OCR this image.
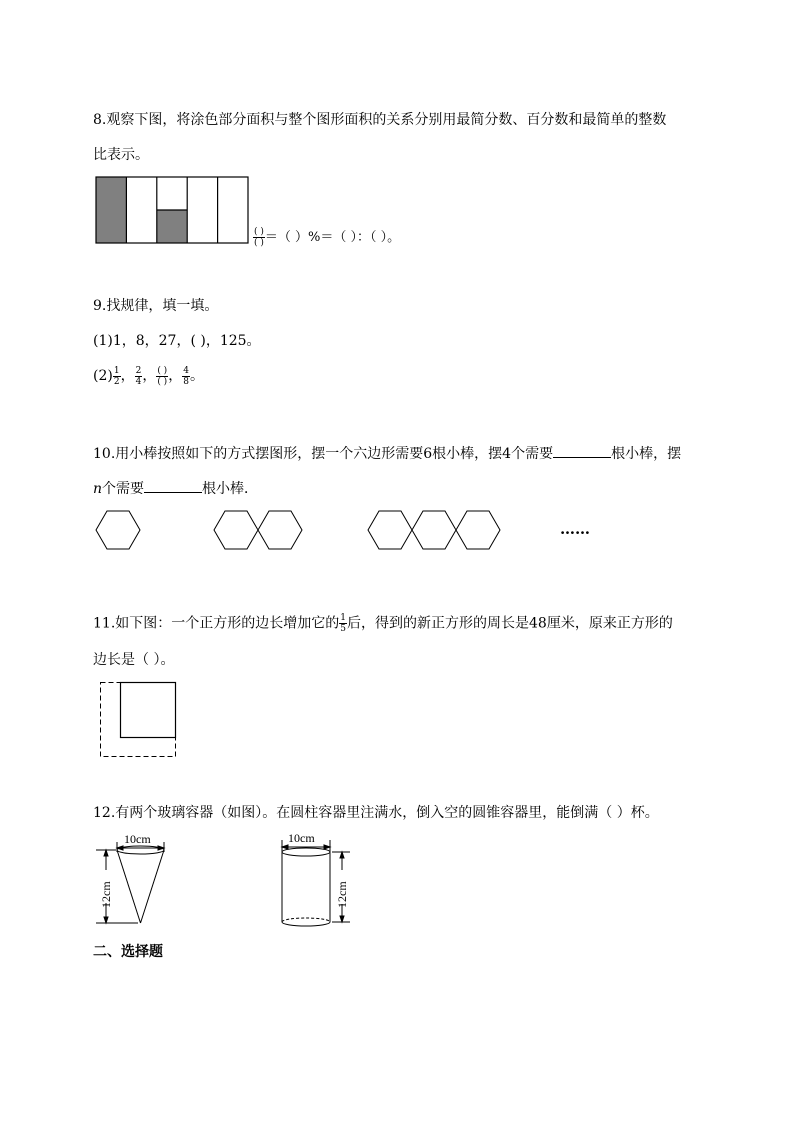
8.观察下图，将涂色部分面积与整个图形面积的关系分别用最简分数、百分数和最简单的整数
比表示。
$\frac{( )}{( )}$ ＝（ ）%＝（ ）：（ ）。
9.找规律，填一填。
(1)1，8，27，( )，125。
$(2) \frac{1}{2}$ ， $\frac{2}{4}$ ， $\frac{( )}{( )}$ ， $\frac{4}{8}$ 。
10.用小棒按照如下的方式摆图形，摆一个六边形需要6根小棒，摆4个需要	根小棒，摆
n个需要	根小棒．
……
11.如下图：一个正方形的边长增加它的 $\frac{1}{5}$ 后，得到的新正方形的周长是48厘米，原来正方形的
边长是（ ）。
12.有两个玻璃容器（如图）。在圆柱容器里注满水，倒入空的圆锥容器里，能倒满（ ）杯。
10cm
12cm
10cm
12cm
二、选择题
